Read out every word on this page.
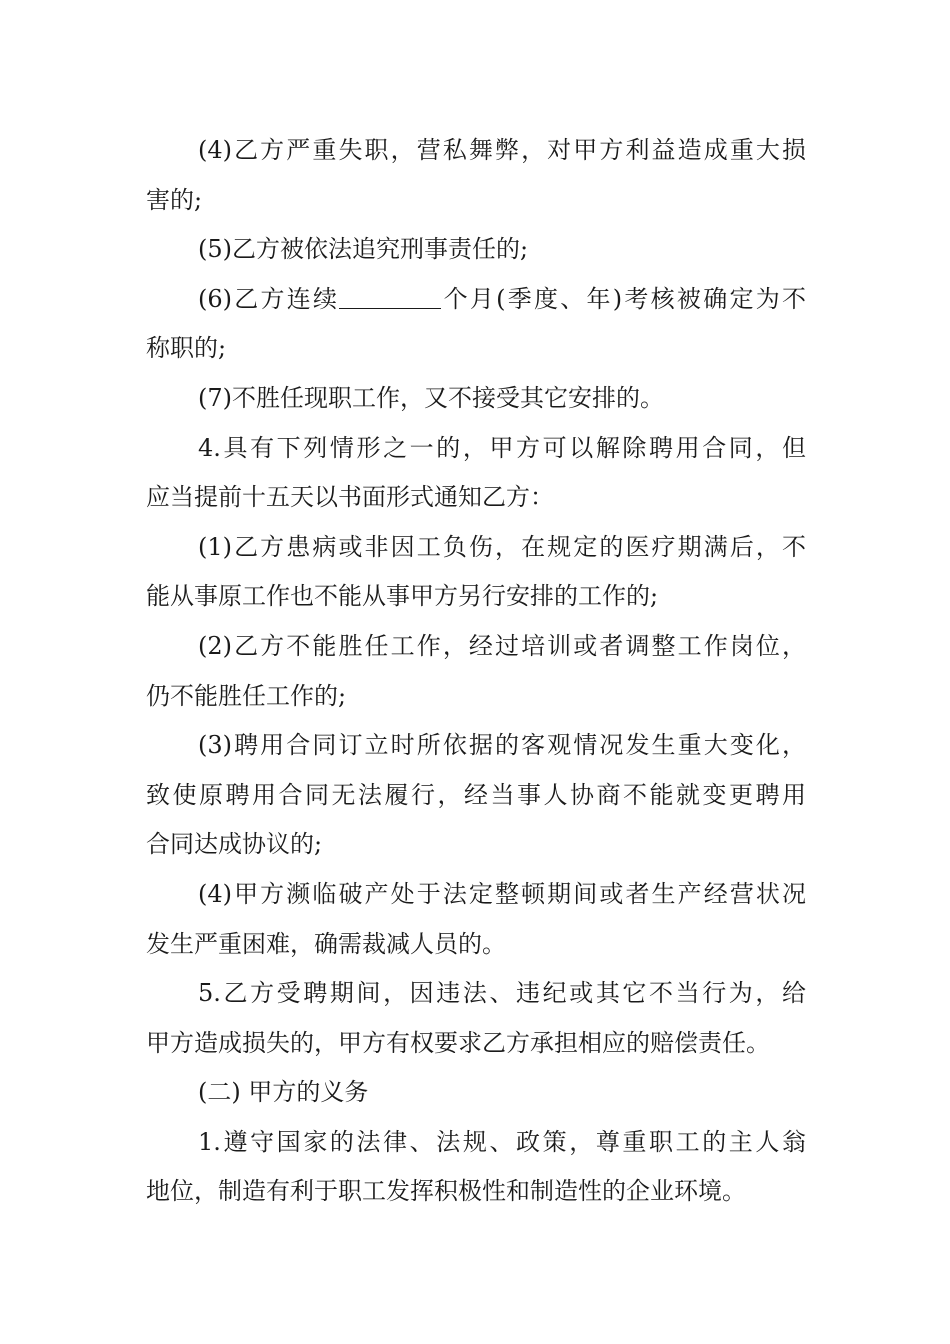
(4)乙方严重失职，营私舞弊，对甲方利益造成重大损
害的;

(5)乙方被依法追究刑事责任的;

(6)乙方连续	个月(季度、年)考核被确定为不
称职的;

(7)不胜任现职工作，又不接受其它安排的。

4.具有下列情形之一的，甲方可以解除聘用合同，但
应当提前十五天以书面形式通知乙方：

(1)乙方患病或非因工负伤，在规定的医疗期满后，不
能从事原工作也不能从事甲方另行安排的工作的;

(2)乙方不能胜任工作，经过培训或者调整工作岗位，
仍不能胜任工作的;

(3)聘用合同订立时所依据的客观情况发生重大变化，
致使原聘用合同无法履行，经当事人协商不能就变更聘用
合同达成协议的;

(4)甲方濒临破产处于法定整顿期间或者生产经营状况
发生严重困难，确需裁减人员的。

5.乙方受聘期间，因违法、违纪或其它不当行为，给
甲方造成损失的，甲方有权要求乙方承担相应的赔偿责任。

(二) 甲方的义务

1.遵守国家的法律、法规、政策，尊重职工的主人翁
地位，制造有利于职工发挥积极性和制造性的企业环境。
